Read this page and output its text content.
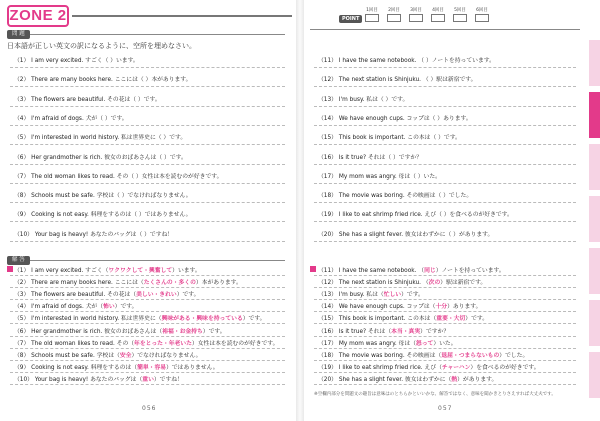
ZONE 2
問 題
日本語が正しい英文の訳になるように、空所を埋めなさい。
（1） I am very excited. すごく（ ）います。
（2） There are many books here. ここには（ ）本があります。
（3） The flowers are beautiful. その花は（ ）です。
（4） I'm afraid of dogs. 犬が（ ）です。
（5） I'm interested in world history. 私は世界史に（ ）です。
（6） Her grandmother is rich. 彼女のおばあさんは（ ）です。
（7） The old woman likes to read. その（ ）女性は本を読むのが好きです。
（8） Schools must be safe. 学校は（ ）でなければなりません。
（9） Cooking is not easy. 料理をするのは（ ）ではありません。
（10） Your bag is heavy! あなたのバッグは（ ）ですね！
解 答
（1） I am very excited. すごく（ワクワクして・興奮して）います。
（2） There are many books here. ここには（たくさんの・多くの）本があります。
（3） The flowers are beautiful. その花は（美しい・きれい）です。
（4） I'm afraid of dogs. 犬が（怖い）です。
（5） I'm interested in world history. 私は世界史に（興味がある・興味を持っている）です。
（6） Her grandmother is rich. 彼女のおばあさんは（裕福・お金持ち）です。
（7） The old woman likes to read. その（年をとった・年老いた）女性は本を読むのが好きです。
（8） Schools must be safe. 学校は（安全）でなければなりません。
（9） Cooking is not easy. 料理をするのは（簡単・容易）ではありません。
（10） Your bag is heavy! あなたのバッグは（重い）ですね！
056
POINT
1回目 2回目 3回目 4回目 5回目 6回目
（11） I have the same notebook. （ ）ノートを持っています。
（12） The next station is Shinjuku. （ ）駅は新宿です。
（13） I'm busy. 私は（ ）です。
（14） We have enough cups. コップは（ ）あります。
（15） This book is important. この本は（ ）です。
（16） Is it true? それは（ ）ですか？
（17） My mom was angry. 母は（ ）いた。
（18） The movie was boring. その映画は（ ）でした。
（19） I like to eat shrimp fried rice. えび（ ）を食べるのが好きです。
（20） She has a slight fever. 彼女はわずかに（ ）があります。
（11） I have the same notebook. （同じ）ノートを持っています。
（12） The next station is Shinjuku. （次の）駅は新宿です。
（13） I'm busy. 私は（忙しい）です。
（14） We have enough cups. コップは（十分）あります。
（15） This book is important. この本は（重要・大切）です。
（16） Is it true? それは（本当・真実）ですか？
（17） My mom was angry. 母は（怒って）いた。
（18） The movie was boring. その映画は（退屈・つまらないもの）でした。
（19） I like to eat shrimp fried rice. えび（チャーハン）を食べるのが好きです。
（20） She has a slight fever. 彼女はわずかに（熱）があります。
※空欄内部分を問題文の趣旨は意味はのとちらかといいかな、解答ではなく、意味を聞かきとりさえすれば大丈夫です。
057
